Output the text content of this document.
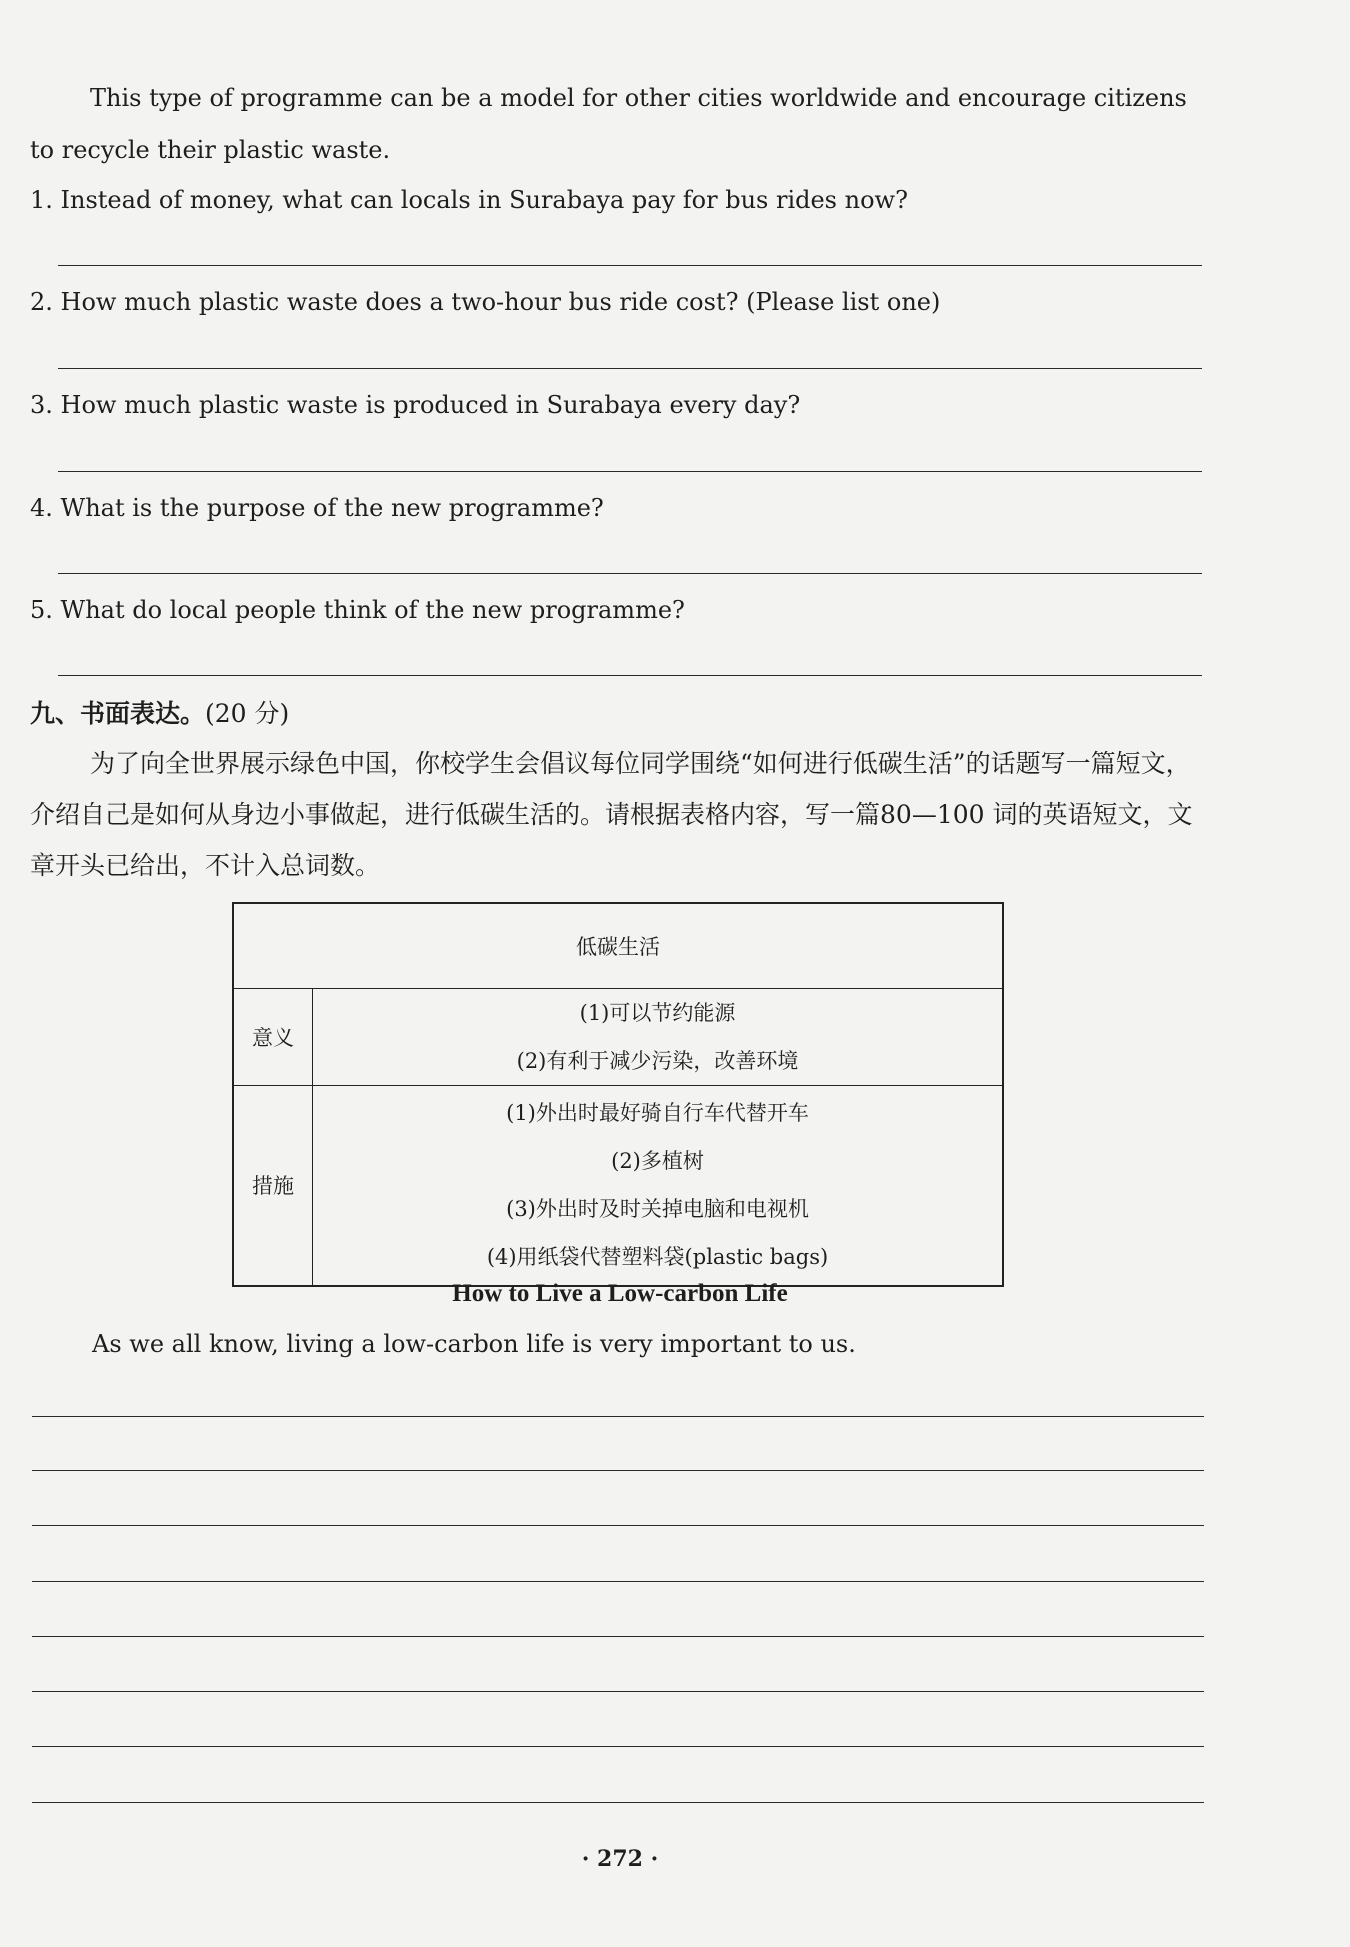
This type of programme can be a model for other cities worldwide and encourage citizens to recycle their plastic waste.

1. Instead of money, what can locals in Surabaya pay for bus rides now?

2. How much plastic waste does a two-hour bus ride cost? (Please list one)

3. How much plastic waste is produced in Surabaya every day?

4. What is the purpose of the new programme?

5. What do local people think of the new programme?

九、书面表达。(20 分)

为了向全世界展示绿色中国，你校学生会倡议每位同学围绕“如何进行低碳生活”的话题写一篇短文，介绍自己是如何从身边小事做起，进行低碳生活的。请根据表格内容，写一篇80—100 词的英语短文，文章开头已给出，不计入总词数。

低碳生活	
意义	(1)可以节约能源
(2)有利于减少污染，改善环境

措施	(1)外出时最好骑自行车代替开车
(2)多植树
(3)外出时及时关掉电脑和电视机
(4)用纸袋代替塑料袋(plastic bags)

How to Live a Low-carbon Life

As we all know, living a low-carbon life is very important to us.

· 272 ·
